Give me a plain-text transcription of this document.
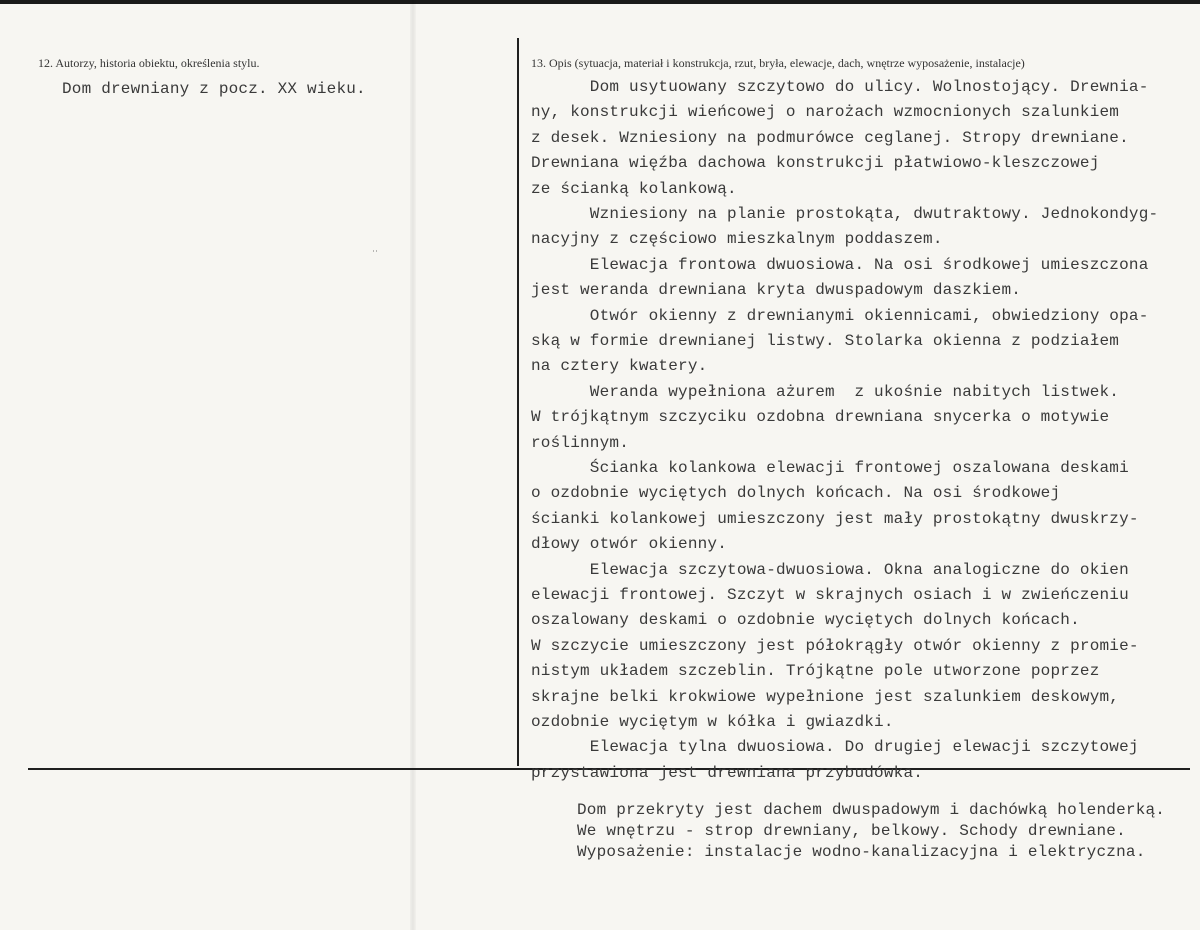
12. Autorzy, historia obiektu, określenia stylu.
Dom drewniany z pocz. XX wieku.
13. Opis (sytuacja, materiał i konstrukcja, rzut, bryła, elewacje, dach, wnętrze wyposażenie, instalacje)
Dom usytuowany szczytowo do ulicy. Wolnostojący. Drewnia-
ny, konstrukcji wieńcowej o narożach wzmocnionych szalunkiem
z desek. Wzniesiony na podmurówce ceglanej. Stropy drewniane.
Drewniana więźba dachowa konstrukcji płatwiowo-kleszczowej
ze ścianką kolankową.
Wzniesiony na planie prostokąta, dwutraktowy. Jednokondyg-
nacyjny z częściowo mieszkalnym poddaszem.
Elewacja frontowa dwuosiowa. Na osi środkowej umieszczona
jest weranda drewniana kryta dwuspadowym daszkiem.
Otwór okienny z drewnianymi okiennicami, obwiedziony opa-
ską w formie drewnianej listwy. Stolarka okienna z podziałem
na cztery kwatery.
Weranda wypełniona ażurem  z ukośnie nabitych listwek.
W trójkątnym szczyciku ozdobna drewniana snycerka o motywie
roślinnym.
Ścianka kolankowa elewacji frontowej oszalowana deskami
o ozdobnie wyciętych dolnych końcach. Na osi środkowej
ścianki kolankowej umieszczony jest mały prostokątny dwuskrzy-
dłowy otwór okienny.
Elewacja szczytowa-dwuosiowa. Okna analogiczne do okien
elewacji frontowej. Szczyt w skrajnych osiach i w zwieńczeniu
oszalowany deskami o ozdobnie wyciętych dolnych końcach.
W szczycie umieszczony jest półokrągły otwór okienny z promie-
nistym układem szczeblin. Trójkątne pole utworzone poprzez
skrajne belki krokwiowe wypełnione jest szalunkiem deskowym,
ozdobnie wyciętym w kółka i gwiazdki.
Elewacja tylna dwuosiowa. Do drugiej elewacji szczytowej
przystawiona jest drewniana przybudówka.
Dom przekryty jest dachem dwuspadowym i dachówką holenderką.
We wnętrzu - strop drewniany, belkowy. Schody drewniane.
Wyposażenie: instalacje wodno-kanalizacyjna i elektryczna.
